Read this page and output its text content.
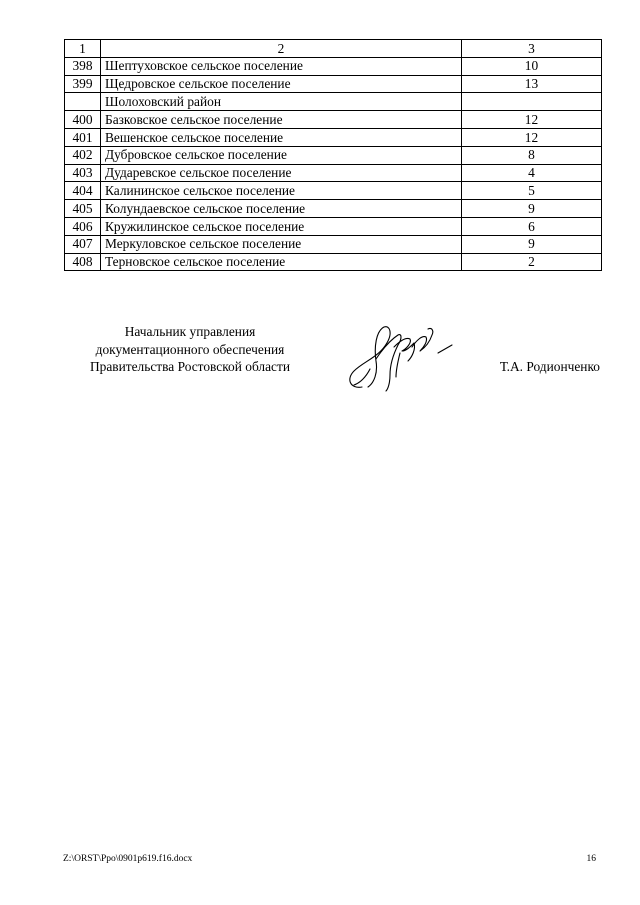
1	2	3
398	Шептуховское сельское поселение	10
399	Щедровское сельское поселение	13
	Шолоховский район	
400	Базковское сельское поселение	12
401	Вешенское сельское поселение	12
402	Дубровское сельское поселение	8
403	Дударевское сельское поселение	4
404	Калининское сельское поселение	5
405	Колундаевское сельское поселение	9
406	Кружилинское сельское поселение	6
407	Меркуловское сельское поселение	9
408	Терновское сельское поселение	2
Начальник управления
документационного обеспечения
Правительства Ростовской области	Т.А. Родионченко
Z:\ORST\Ppo\0901p619.f16.docx	16
